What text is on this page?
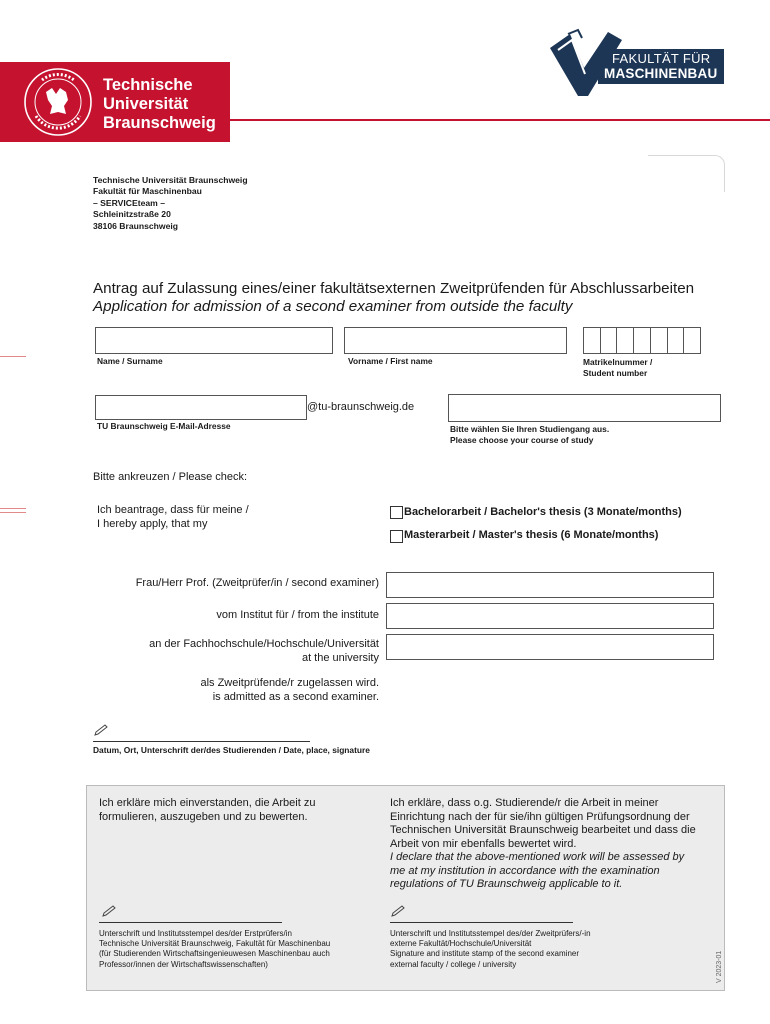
Technische
Universität
Braunschweig
FAKULTÄT FÜR
MASCHINENBAU
Technische Universität Braunschweig
Fakultät für Maschinenbau
– SERVICEteam –
Schleinitzstraße 20
38106 Braunschweig
Antrag auf Zulassung eines/einer fakultätsexternen Zweitprüfenden für Abschlussarbeiten
Application for admission of a second examiner from outside the faculty
Name / Surname	Vorname / First name	Matrikelnummer /
Student number
@tu-braunschweig.de
TU Braunschweig E-Mail-Adresse	Bitte wählen Sie Ihren Studiengang aus.
Please choose your course of study
Bitte ankreuzen / Please check:
Ich beantrage, dass für meine /
I hereby apply, that my
Bachelorarbeit / Bachelor's thesis (3 Monate/months)
Masterarbeit / Master's thesis (6 Monate/months)
Frau/Herr Prof. (Zweitprüfer/in / second examiner)
vom Institut für / from the institute
an der Fachhochschule/Hochschule/Universität
at the university
als Zweitprüfende/r zugelassen wird.
is admitted as a second examiner.
Datum, Ort, Unterschrift der/des Studierenden / Date, place, signature
Ich erkläre mich einverstanden, die Arbeit zu
formulieren, auszugeben und zu bewerten.
Ich erkläre, dass o.g. Studierende/r die Arbeit in meiner
Einrichtung nach der für sie/ihn gültigen Prüfungsordnung der
Technischen Universität Braunschweig bearbeitet und dass die
Arbeit von mir ebenfalls bewertet wird.
I declare that the above-mentioned work will be assessed by
me at my institution in accordance with the examination
regulations of TU Braunschweig applicable to it.
Unterschrift und Institutsstempel des/der Erstprüfers/in
Technische Universität Braunschweig, Fakultät für Maschinenbau
(für Studierenden Wirtschaftsingenieuwesen Maschinenbau auch
Professor/innen der Wirtschaftswissenschaften)
Unterschrift und Institutsstempel des/der Zweitprüfers/-in
externe Fakultät/Hochschule/Universität
Signature and institute stamp of the second examiner
external faculty / college / university	V 2023-01
